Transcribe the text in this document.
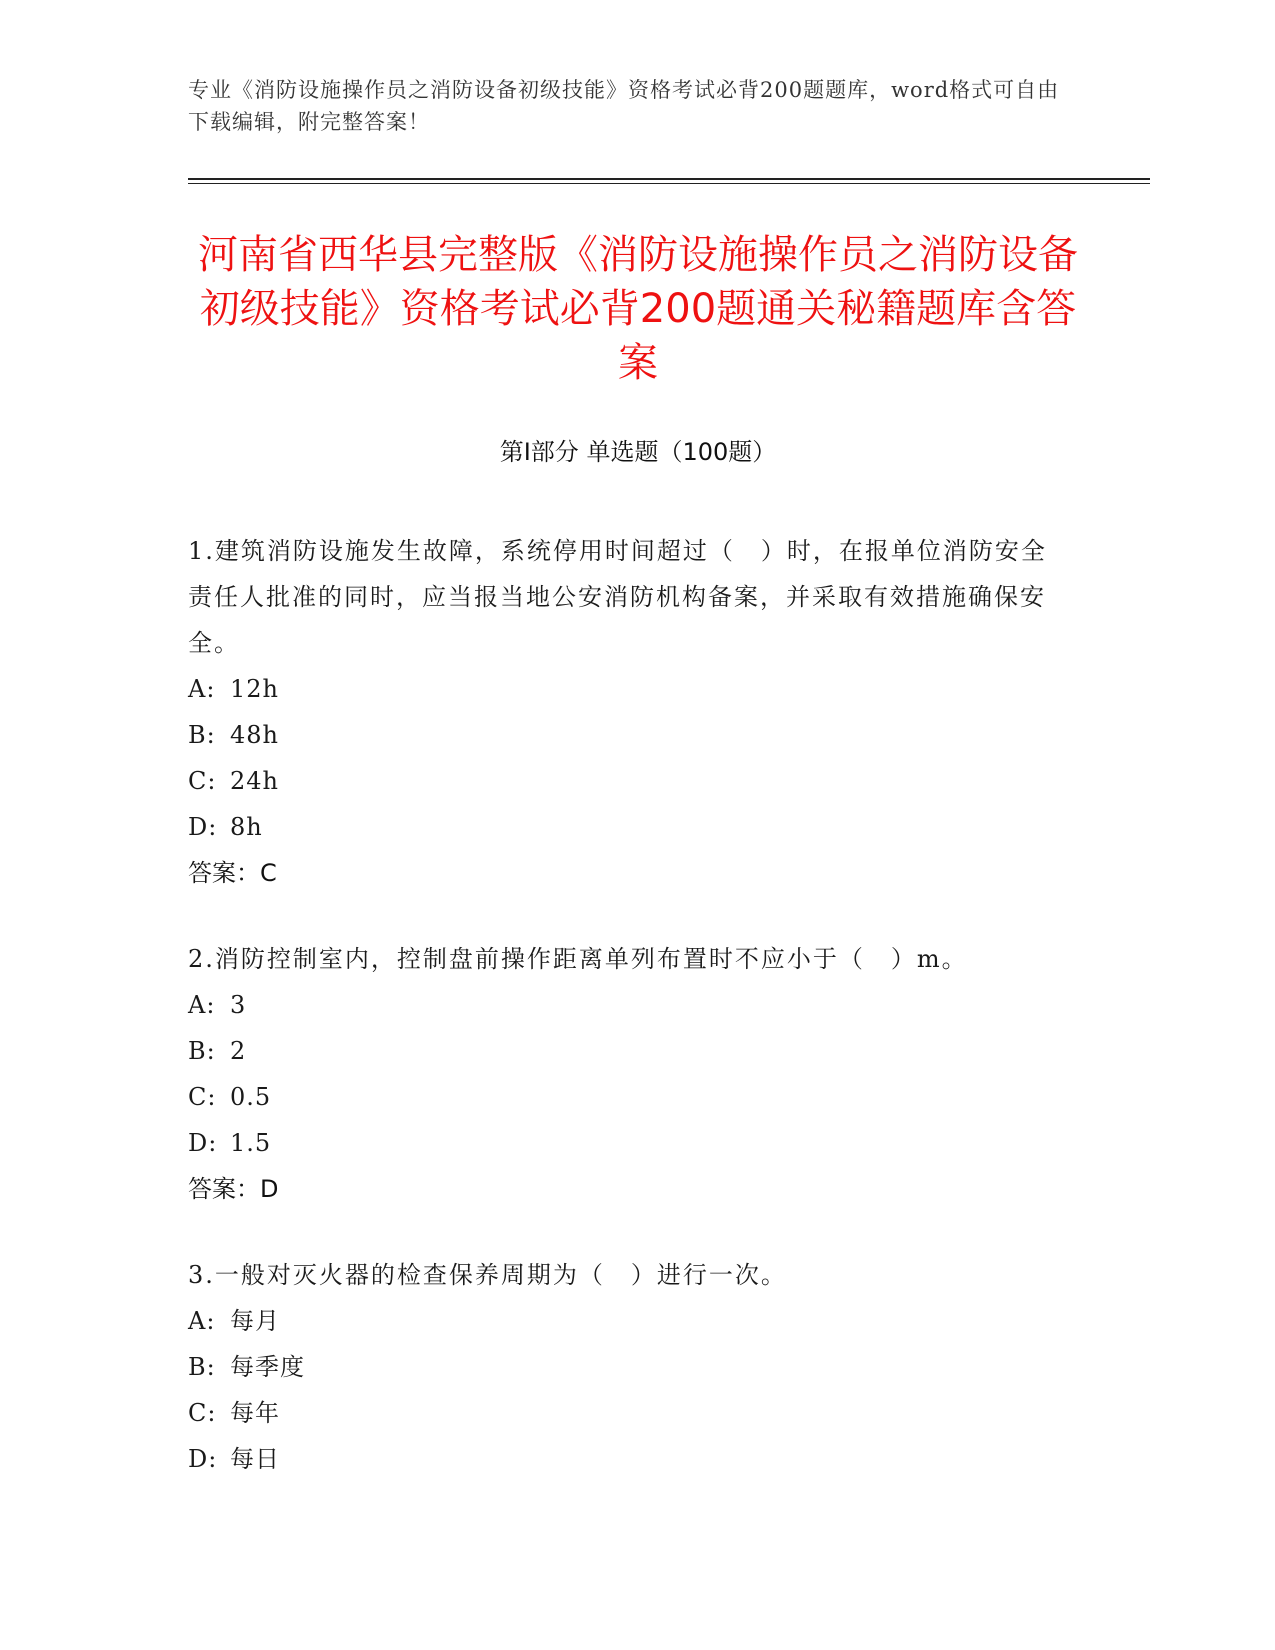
专业《消防设施操作员之消防设备初级技能》资格考试必背200题题库，word格式可自由下载编辑，附完整答案！
河南省西华县完整版《消防设施操作员之消防设备初级技能》资格考试必背200题通关秘籍题库含答案
第I部分 单选题（100题）
1.建筑消防设施发生故障，系统停用时间超过（　）时，在报单位消防安全责任人批准的同时，应当报当地公安消防机构备案，并采取有效措施确保安全。
A: 12h
B: 48h
C: 24h
D: 8h
答案：C
2.消防控制室内，控制盘前操作距离单列布置时不应小于（　）m。
A: 3
B: 2
C: 0.5
D: 1.5
答案：D
3.一般对灭火器的检查保养周期为（　）进行一次。
A: 每月
B: 每季度
C: 每年
D: 每日
